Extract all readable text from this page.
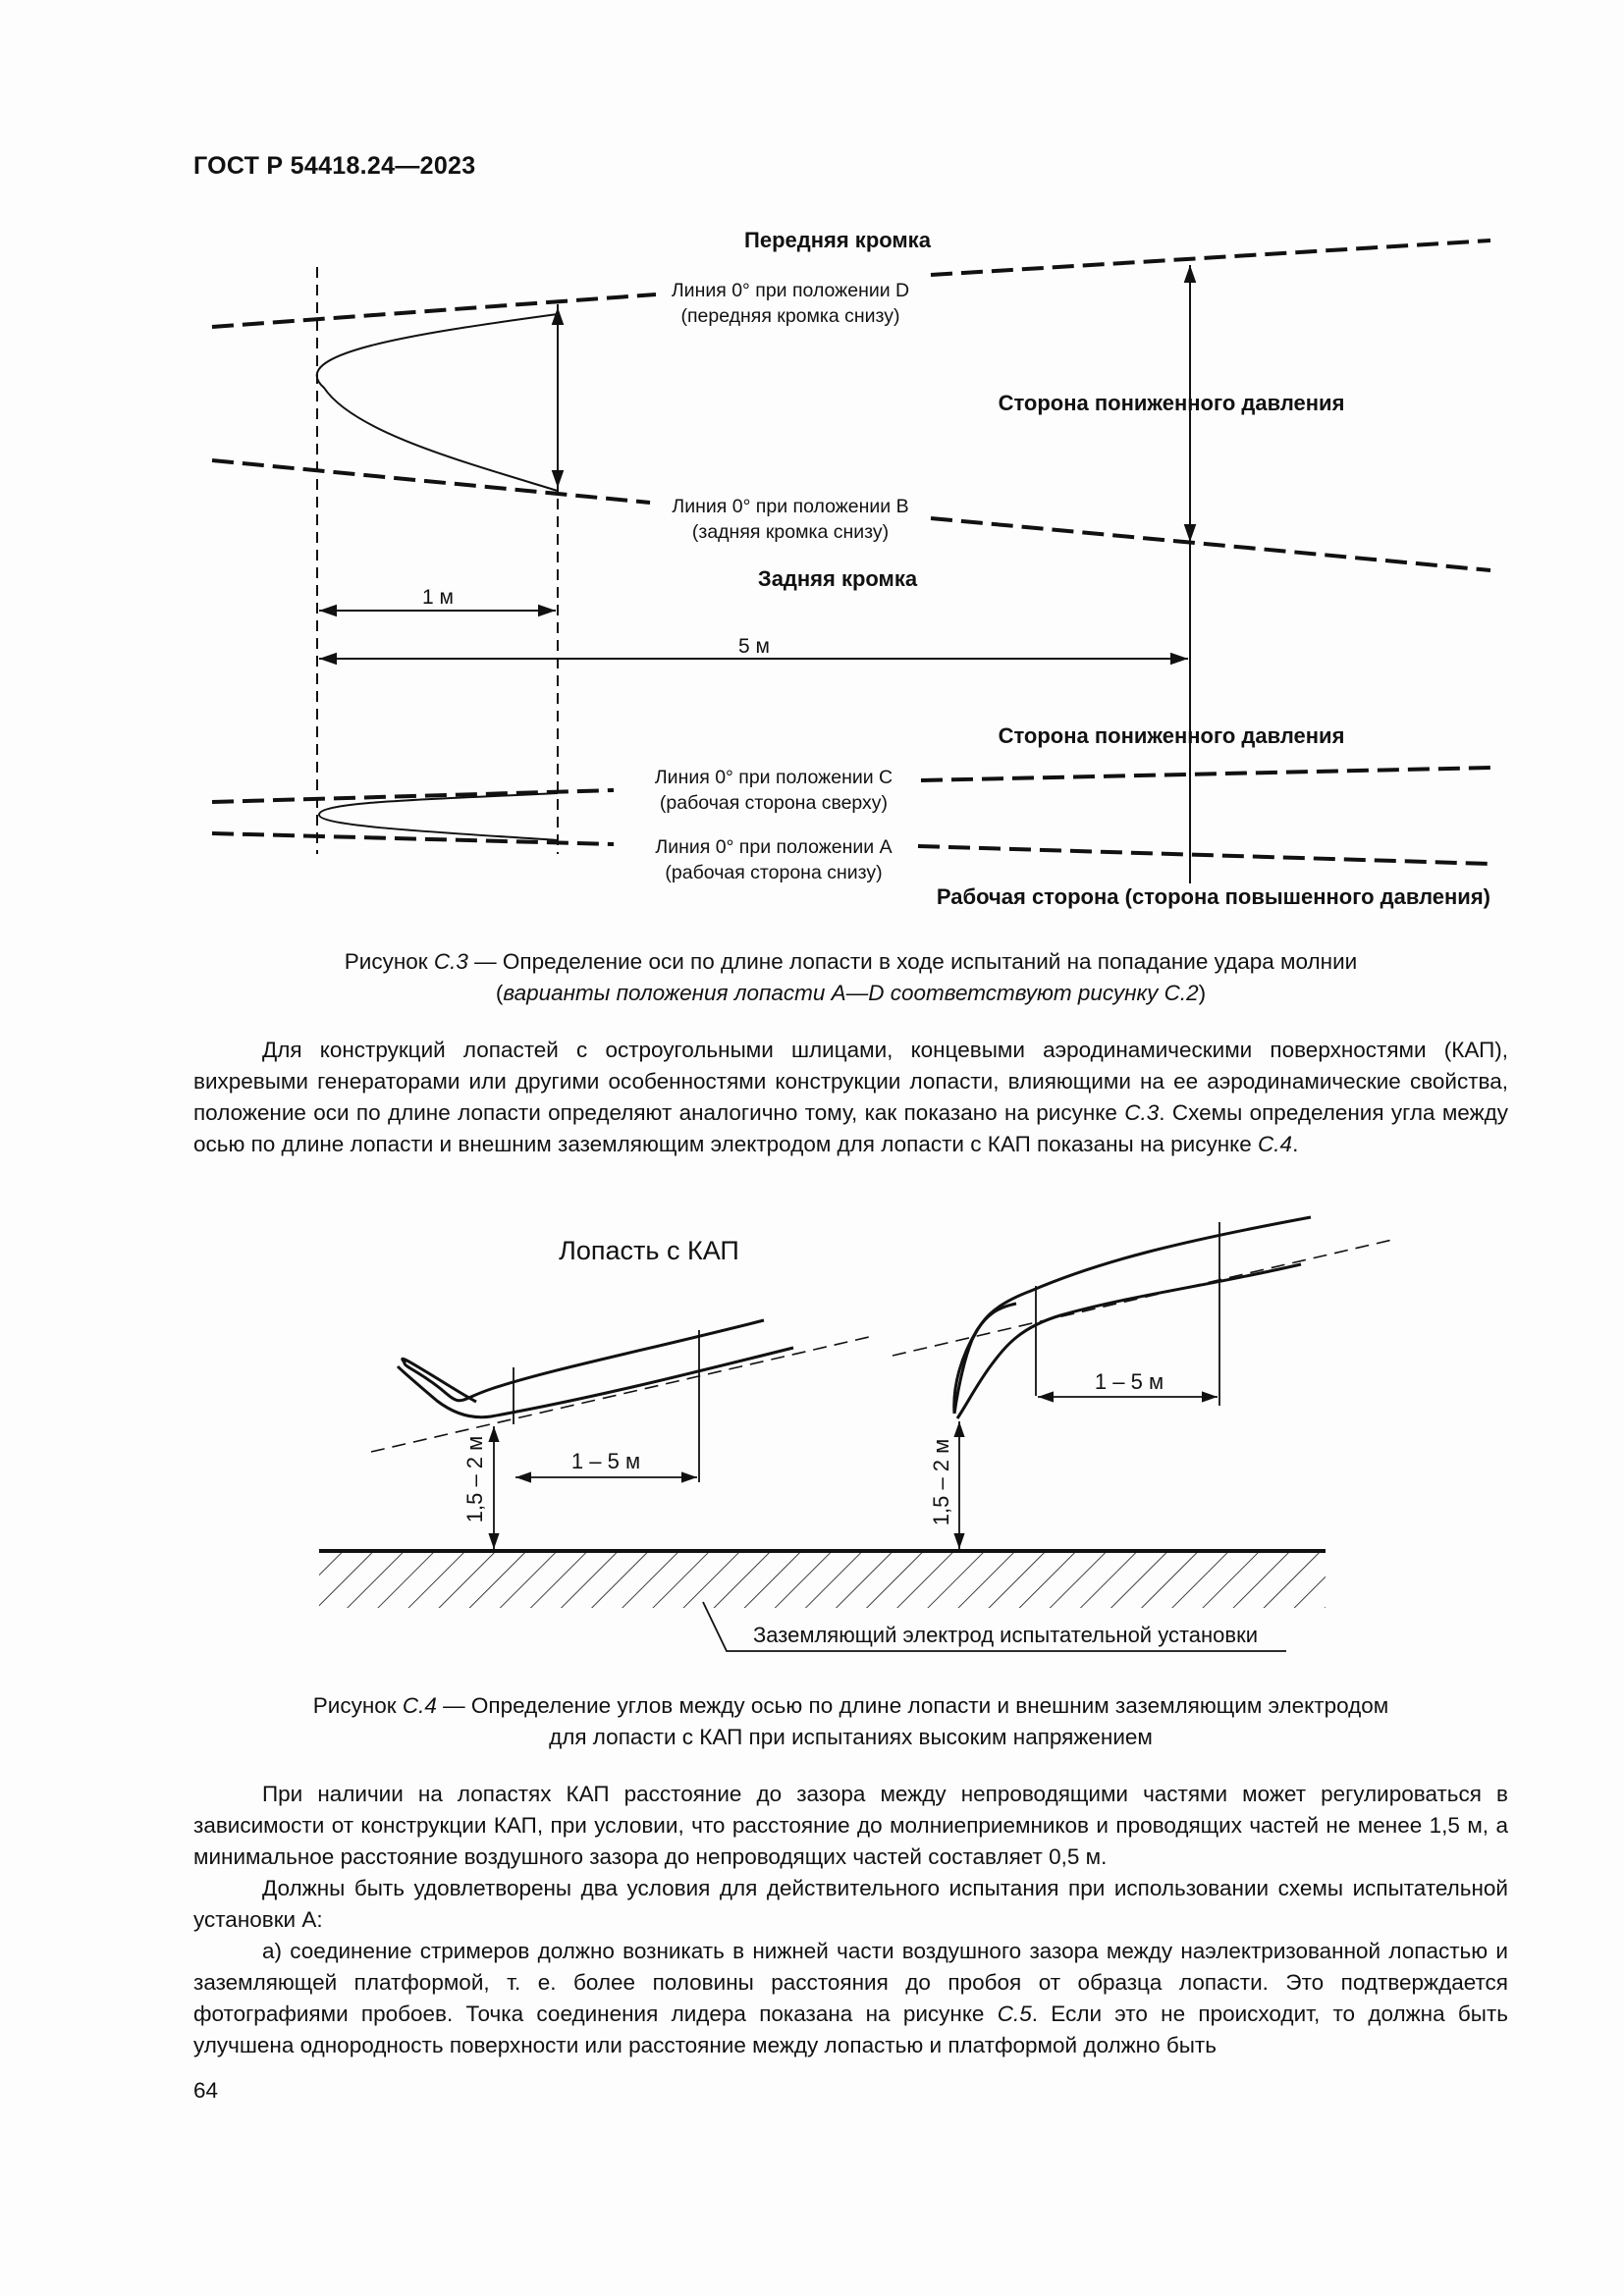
ГОСТ Р 54418.24—2023
Передняя кромка
Сторона пониженного давления
Линия 0° при положении D
(передняя кромка снизу)
Линия 0° при положении B
(задняя кромка снизу)
Задняя кромка
1 м
5 м
Сторона пониженного давления
Линия 0° при положении C
(рабочая сторона сверху)
Линия 0° при положении A
(рабочая сторона снизу)
Рабочая сторона (сторона повышенного давления)
Рисунок С.3 — Определение оси по длине лопасти в ходе испытаний на попадание удара молнии
(варианты положения лопасти А—D соответствуют рисунку С.2)

Для конструкций лопастей с остроугольными шлицами, концевыми аэродинамическими поверхностями (КАП), вихревыми генераторами или другими особенностями конструкции лопасти, влияющими на ее аэродинамические свойства, положение оси по длине лопасти определяют аналогично тому, как показано на рисунке С.3. Схемы определения угла между осью по длине лопасти и внешним заземляющим электродом для лопасти с КАП показаны на рисунке С.4.

Лопасть с КАП
1 – 5 м
1,5 – 2 м
1 – 5 м
1,5 – 2 м
Заземляющий электрод испытательной установки
Рисунок С.4 — Определение углов между осью по длине лопасти и внешним заземляющим электродом
для лопасти с КАП при испытаниях высоким напряжением

При наличии на лопастях КАП расстояние до зазора между непроводящими частями может регулироваться в зависимости от конструкции КАП, при условии, что расстояние до молниеприемников и проводящих частей не менее 1,5 м, а минимальное расстояние воздушного зазора до непроводящих частей составляет 0,5 м.

Должны быть удовлетворены два условия для действительного испытания при использовании схемы испытательной установки А:

а) соединение стримеров должно возникать в нижней части воздушного зазора между наэлектризованной лопастью и заземляющей платформой, т. е. более половины расстояния до пробоя от образца лопасти. Это подтверждается фотографиями пробоев. Точка соединения лидера показана на рисунке С.5. Если это не происходит, то должна быть улучшена однородность поверхности или расстояние между лопастью и платформой должно быть

64
